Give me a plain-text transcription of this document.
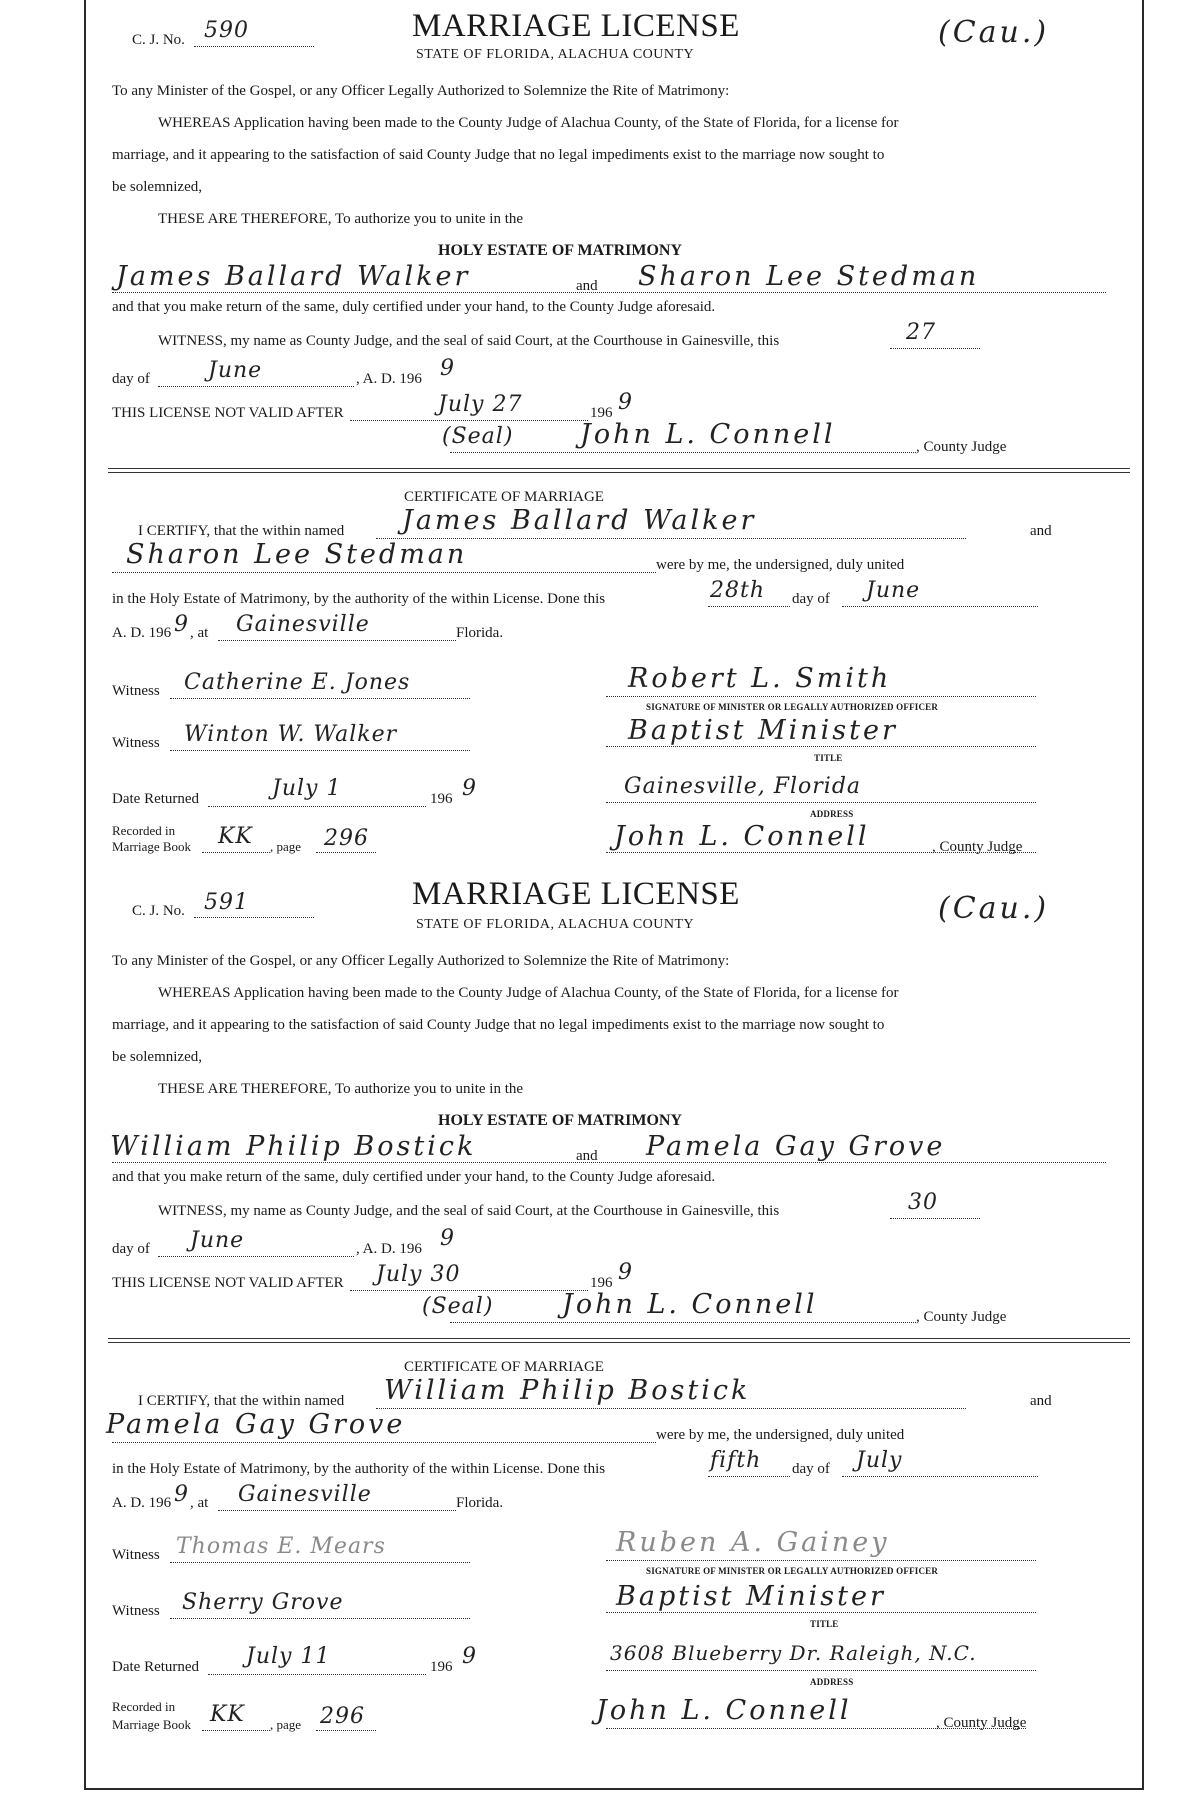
C. J. No. 590	MARRIAGE LICENSE
STATE OF FLORIDA, ALACHUA COUNTY
(Cau.)
To any Minister of the Gospel, or any Officer Legally Authorized to Solemnize the Rite of Matrimony:
WHEREAS Application having been made to the County Judge of Alachua County, of the State of Florida, for a license for
marriage, and it appearing to the satisfaction of said County Judge that no legal impediments exist to the marriage now sought to
be solemnized,
THESE ARE THEREFORE, To authorize you to unite in the
HOLY ESTATE OF MATRIMONY
James Ballard Walker	and Sharon Lee Stedman
and that you make return of the same, duly certified under your hand, to the County Judge aforesaid.
WITNESS, my name as County Judge, and the seal of said Court, at the Courthouse in Gainesville, this	27
day of	June	, A. D. 196 9
THIS LICENSE NOT VALID AFTER	July 27	196 9
(Seal) John L. Connell	, County Judge
CERTIFICATE OF MARRIAGE
I CERTIFY, that the within named James Ballard Walker	and
Sharon Lee Stedman	were by me, the undersigned, duly united
in the Holy Estate of Matrimony, by the authority of the within License. Done this	28th day of June
A. D. 196 9 , at Gainesville	Florida.
Witness Catherine E. Jones	Robert L. Smith
SIGNATURE OF MINISTER OR LEGALLY AUTHORIZED OFFICER
Witness Winton W. Walker	Baptist Minister
TITLE
Date Returned	July 1	196 9	Gainesville, Florida
ADDRESS
Recorded in
Marriage Book KK , page 296	John L. Connell	, County Judge
C. J. No. 591	MARRIAGE LICENSE
STATE OF FLORIDA, ALACHUA COUNTY	(Cau.)
To any Minister of the Gospel, or any Officer Legally Authorized to Solemnize the Rite of Matrimony:
WHEREAS Application having been made to the County Judge of Alachua County, of the State of Florida, for a license for
marriage, and it appearing to the satisfaction of said County Judge that no legal impediments exist to the marriage now sought to
be solemnized,
THESE ARE THEREFORE, To authorize you to unite in the
HOLY ESTATE OF MATRIMONY
William Philip Bostick	and Pamela Gay Grove
and that you make return of the same, duly certified under your hand, to the County Judge aforesaid.
WITNESS, my name as County Judge, and the seal of said Court, at the Courthouse in Gainesville, this	30
day of June	, A. D. 196 9
THIS LICENSE NOT VALID AFTER July 30	196 9
(Seal)	John L. Connell	, County Judge
CERTIFICATE OF MARRIAGE
I CERTIFY, that the within named William Philip Bostick	and
Pamela Gay Grove	were by me, the undersigned, duly united
in the Holy Estate of Matrimony, by the authority of the within License. Done this	fifth day of July
A. D. 196 9 , at Gainesville	Florida.
Witness Thomas E. Mears	Ruben A. Gainey
SIGNATURE OF MINISTER OR LEGALLY AUTHORIZED OFFICER
Witness Sherry Grove	Baptist Minister
TITLE
Date Returned July 11	196 9	3608 Blueberry Dr. Raleigh, N.C.
ADDRESS
Recorded in
Marriage Book KK , page 296	John L. Connell	, County Judge
